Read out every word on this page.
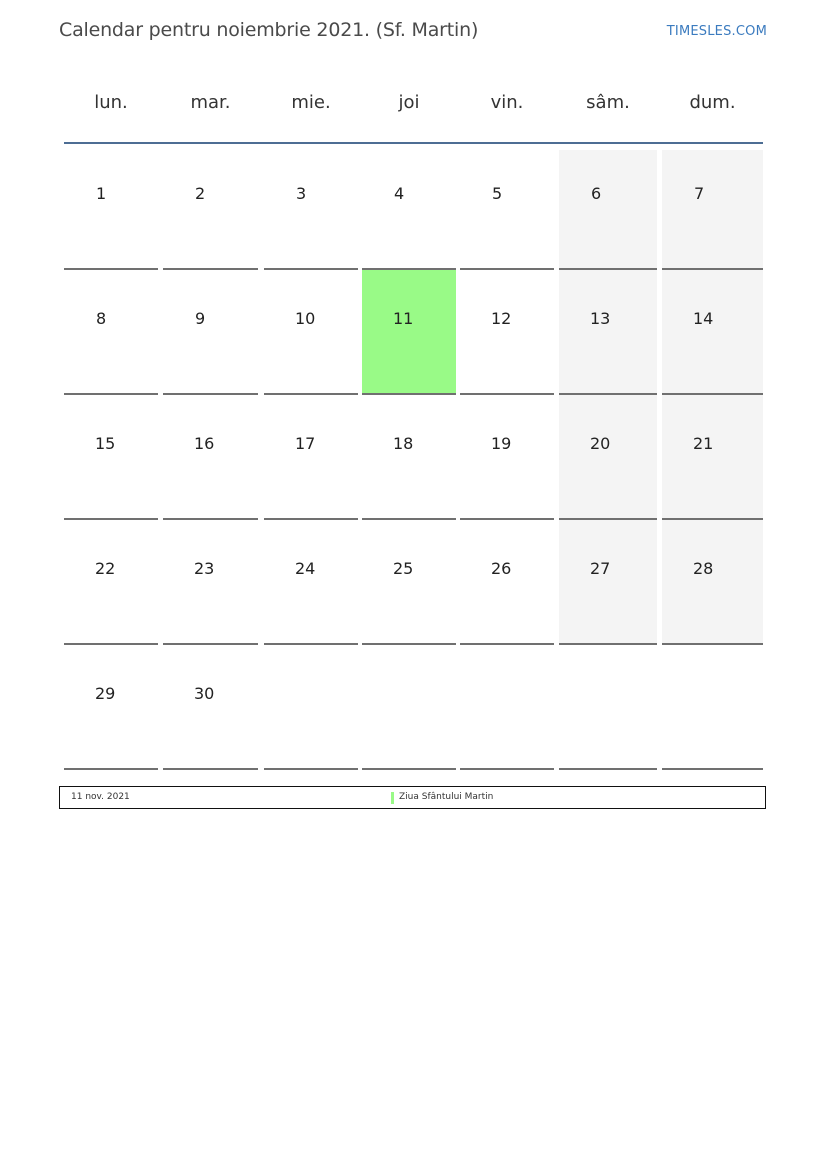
Calendar pentru noiembrie 2021. (Sf. Martin)	TIMESLES.COM
lun.	mar.	mie.	joi	vin.	sâm.	dum.
1	2	3	4	5	6	7
8	9	10	11	12	13	14
15	16	17	18	19	20	21
22	23	24	25	26	27	28
29	30
11 nov. 2021	Ziua Sfântului Martin
